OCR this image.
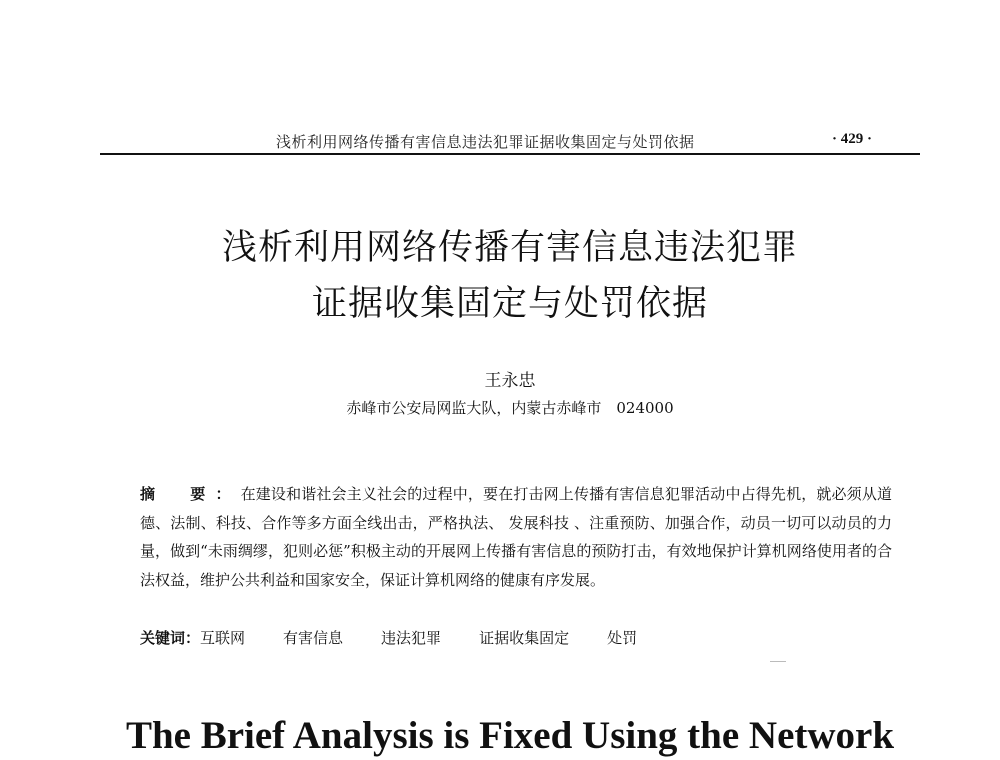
浅析利用网络传播有害信息违法犯罪证据收集固定与处罚依据	· 429 ·
浅析利用网络传播有害信息违法犯罪
证据收集固定与处罚依据
王永忠
赤峰市公安局网监大队，内蒙古赤峰市　024000

摘　要：在建设和谐社会主义社会的过程中，要在打击网上传播有害信息犯罪活动中占得先机，就必须从道德、法制、科技、合作等多方面全线出击，严格执法、 发展科技 、注重预防、加强合作，动员一切可以动员的力量，做到“未雨绸缪，犯则必惩”积极主动的开展网上传播有害信息的预防打击，有效地保护计算机网络使用者的合法权益，维护公共利益和国家安全，保证计算机网络的健康有序发展。

关键词：互联网	有害信息	违法犯罪	证据收集固定	处罚
The Brief Analysis is Fixed Using the Network
